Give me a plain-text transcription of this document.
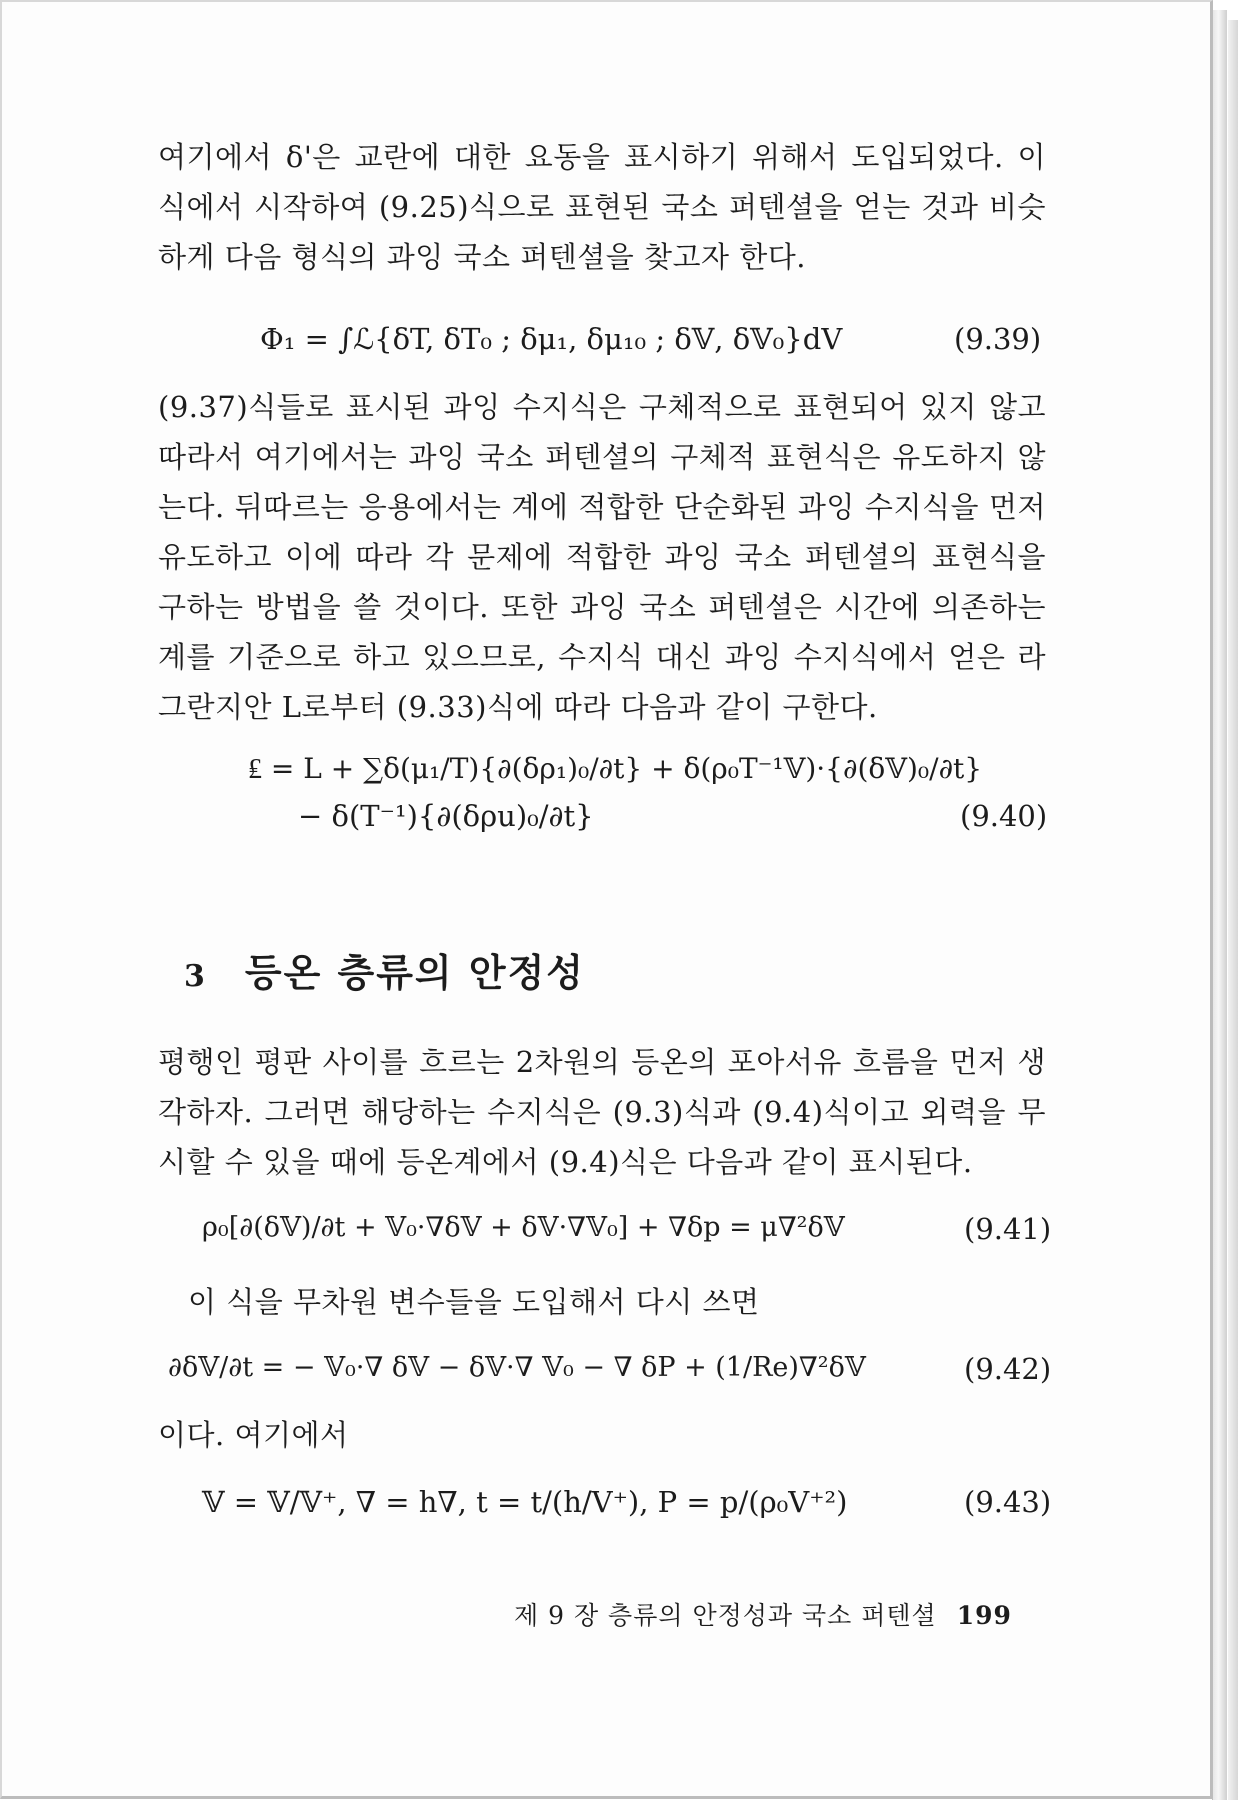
여기에서 δ'은 교란에 대한 요동을 표시하기 위해서 도입되었다. 이 식에서 시작하여 (9.25)식으로 표현된 국소 퍼텐셜을 얻는 것과 비슷하게 다음 형식의 과잉 국소 퍼텐셜을 찾고자 한다.

Φ₁ = ∫ℒ{δT, δT₀ ; δμ₁, δμ₁₀ ; δ𝕍, δ𝕍₀}dV	(9.39)

(9.37)식들로 표시된 과잉 수지식은 구체적으로 표현되어 있지 않고 따라서 여기에서는 과잉 국소 퍼텐셜의 구체적 표현식은 유도하지 않는다. 뒤따르는 응용에서는 계에 적합한 단순화된 과잉 수지식을 먼저 유도하고 이에 따라 각 문제에 적합한 과잉 국소 퍼텐셜의 표현식을 구하는 방법을 쓸 것이다. 또한 과잉 국소 퍼텐셜은 시간에 의존하는 계를 기준으로 하고 있으므로, 수지식 대신 과잉 수지식에서 얻은 라그란지안 L로부터 (9.33)식에 따라 다음과 같이 구한다.

₤ = L + ∑δ(μ₁/T){∂(δρ₁)₀/∂t} + δ(ρ₀T⁻¹𝕍)·{∂(δ𝕍)₀/∂t}

− δ(T⁻¹){∂(δρu)₀/∂t}	(9.40)

3 등온 층류의 안정성

평행인 평판 사이를 흐르는 2차원의 등온의 포아서유 흐름을 먼저 생각하자. 그러면 해당하는 수지식은 (9.3)식과 (9.4)식이고 외력을 무시할 수 있을 때에 등온계에서 (9.4)식은 다음과 같이 표시된다.

ρ₀[∂(δ𝕍)/∂t + 𝕍₀·∇δ𝕍 + δ𝕍·∇𝕍₀] + ∇δp = μ∇²δ𝕍	(9.41)

이 식을 무차원 변수들을 도입해서 다시 쓰면

∂δ𝕍/∂t = − 𝕍₀·∇ δ𝕍 − δ𝕍·∇ 𝕍₀ − ∇ δP + (1/Re)∇²δ𝕍	(9.42)

이다. 여기에서

𝕍 = 𝕍/𝕍⁺, ∇ = h∇, t = t/(h/V⁺), P = p/(ρ₀V⁺²)	(9.43)

제 9 장 층류의 안정성과 국소 퍼텐셜 199
